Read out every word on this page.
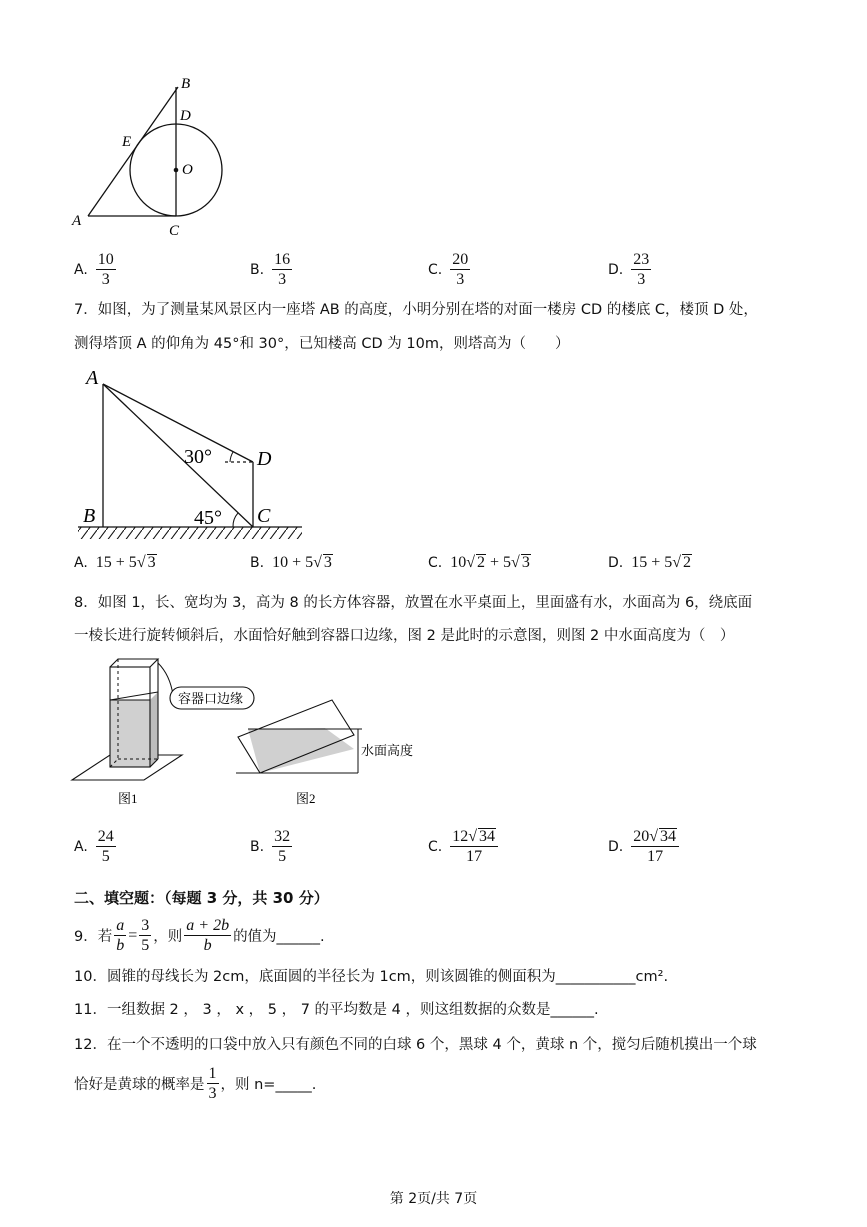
B
D
E
O
A
C
A. $\frac{10}{3}$	B. $\frac{16}{3}$	C. $\frac{20}{3}$	D. $\frac{23}{3}$
7．如图，为了测量某风景区内一座塔 AB 的高度，小明分别在塔的对面一楼房 CD 的楼底 C，楼顶 D 处，
测得塔顶 A 的仰角为 45°和 30°，已知楼高 CD 为 10m，则塔高为（　　）
A
B	C
D
30°
45°
A. 15 + 5√ 3	B. 10 + 5√ 3	C. 10√ 2 + 5√ 3	D. 15 + 5√ 2
8．如图 1，长、宽均为 3，高为 8 的长方体容器，放置在水平桌面上，里面盛有水，水面高为 6，绕底面
一棱长进行旋转倾斜后，水面恰好触到容器口边缘，图 2 是此时的示意图，则图 2 中水面高度为（　）
容器口边缘
水面高度
图1	图2
A. $\frac{24}{5}$	B. $\frac{32}{5}$	C. $\frac{12√ 34}{17}$	D. $\frac{20√ 34}{17}$
二、填空题：（每题 3 分，共 30 分）
9．若 $\frac{a}{b} = \frac{3}{5}$ ，则 $\frac{a + 2b}{b}$ 的值为______.
10．圆锥的母线长为 2cm，底面圆的半径长为 1cm，则该圆锥的侧面积为___________cm².
11．一组数据 2 ， 3 ， x ， 5 ， 7 的平均数是 4 ，则这组数据的众数是______.
12．在一个不透明的口袋中放入只有颜色不同的白球 6 个，黑球 4 个，黄球 n 个，搅匀后随机摸出一个球
恰好是黄球的概率是 $\frac{1}{3}$ ，则 n=_____.
第 2页/共 7页
